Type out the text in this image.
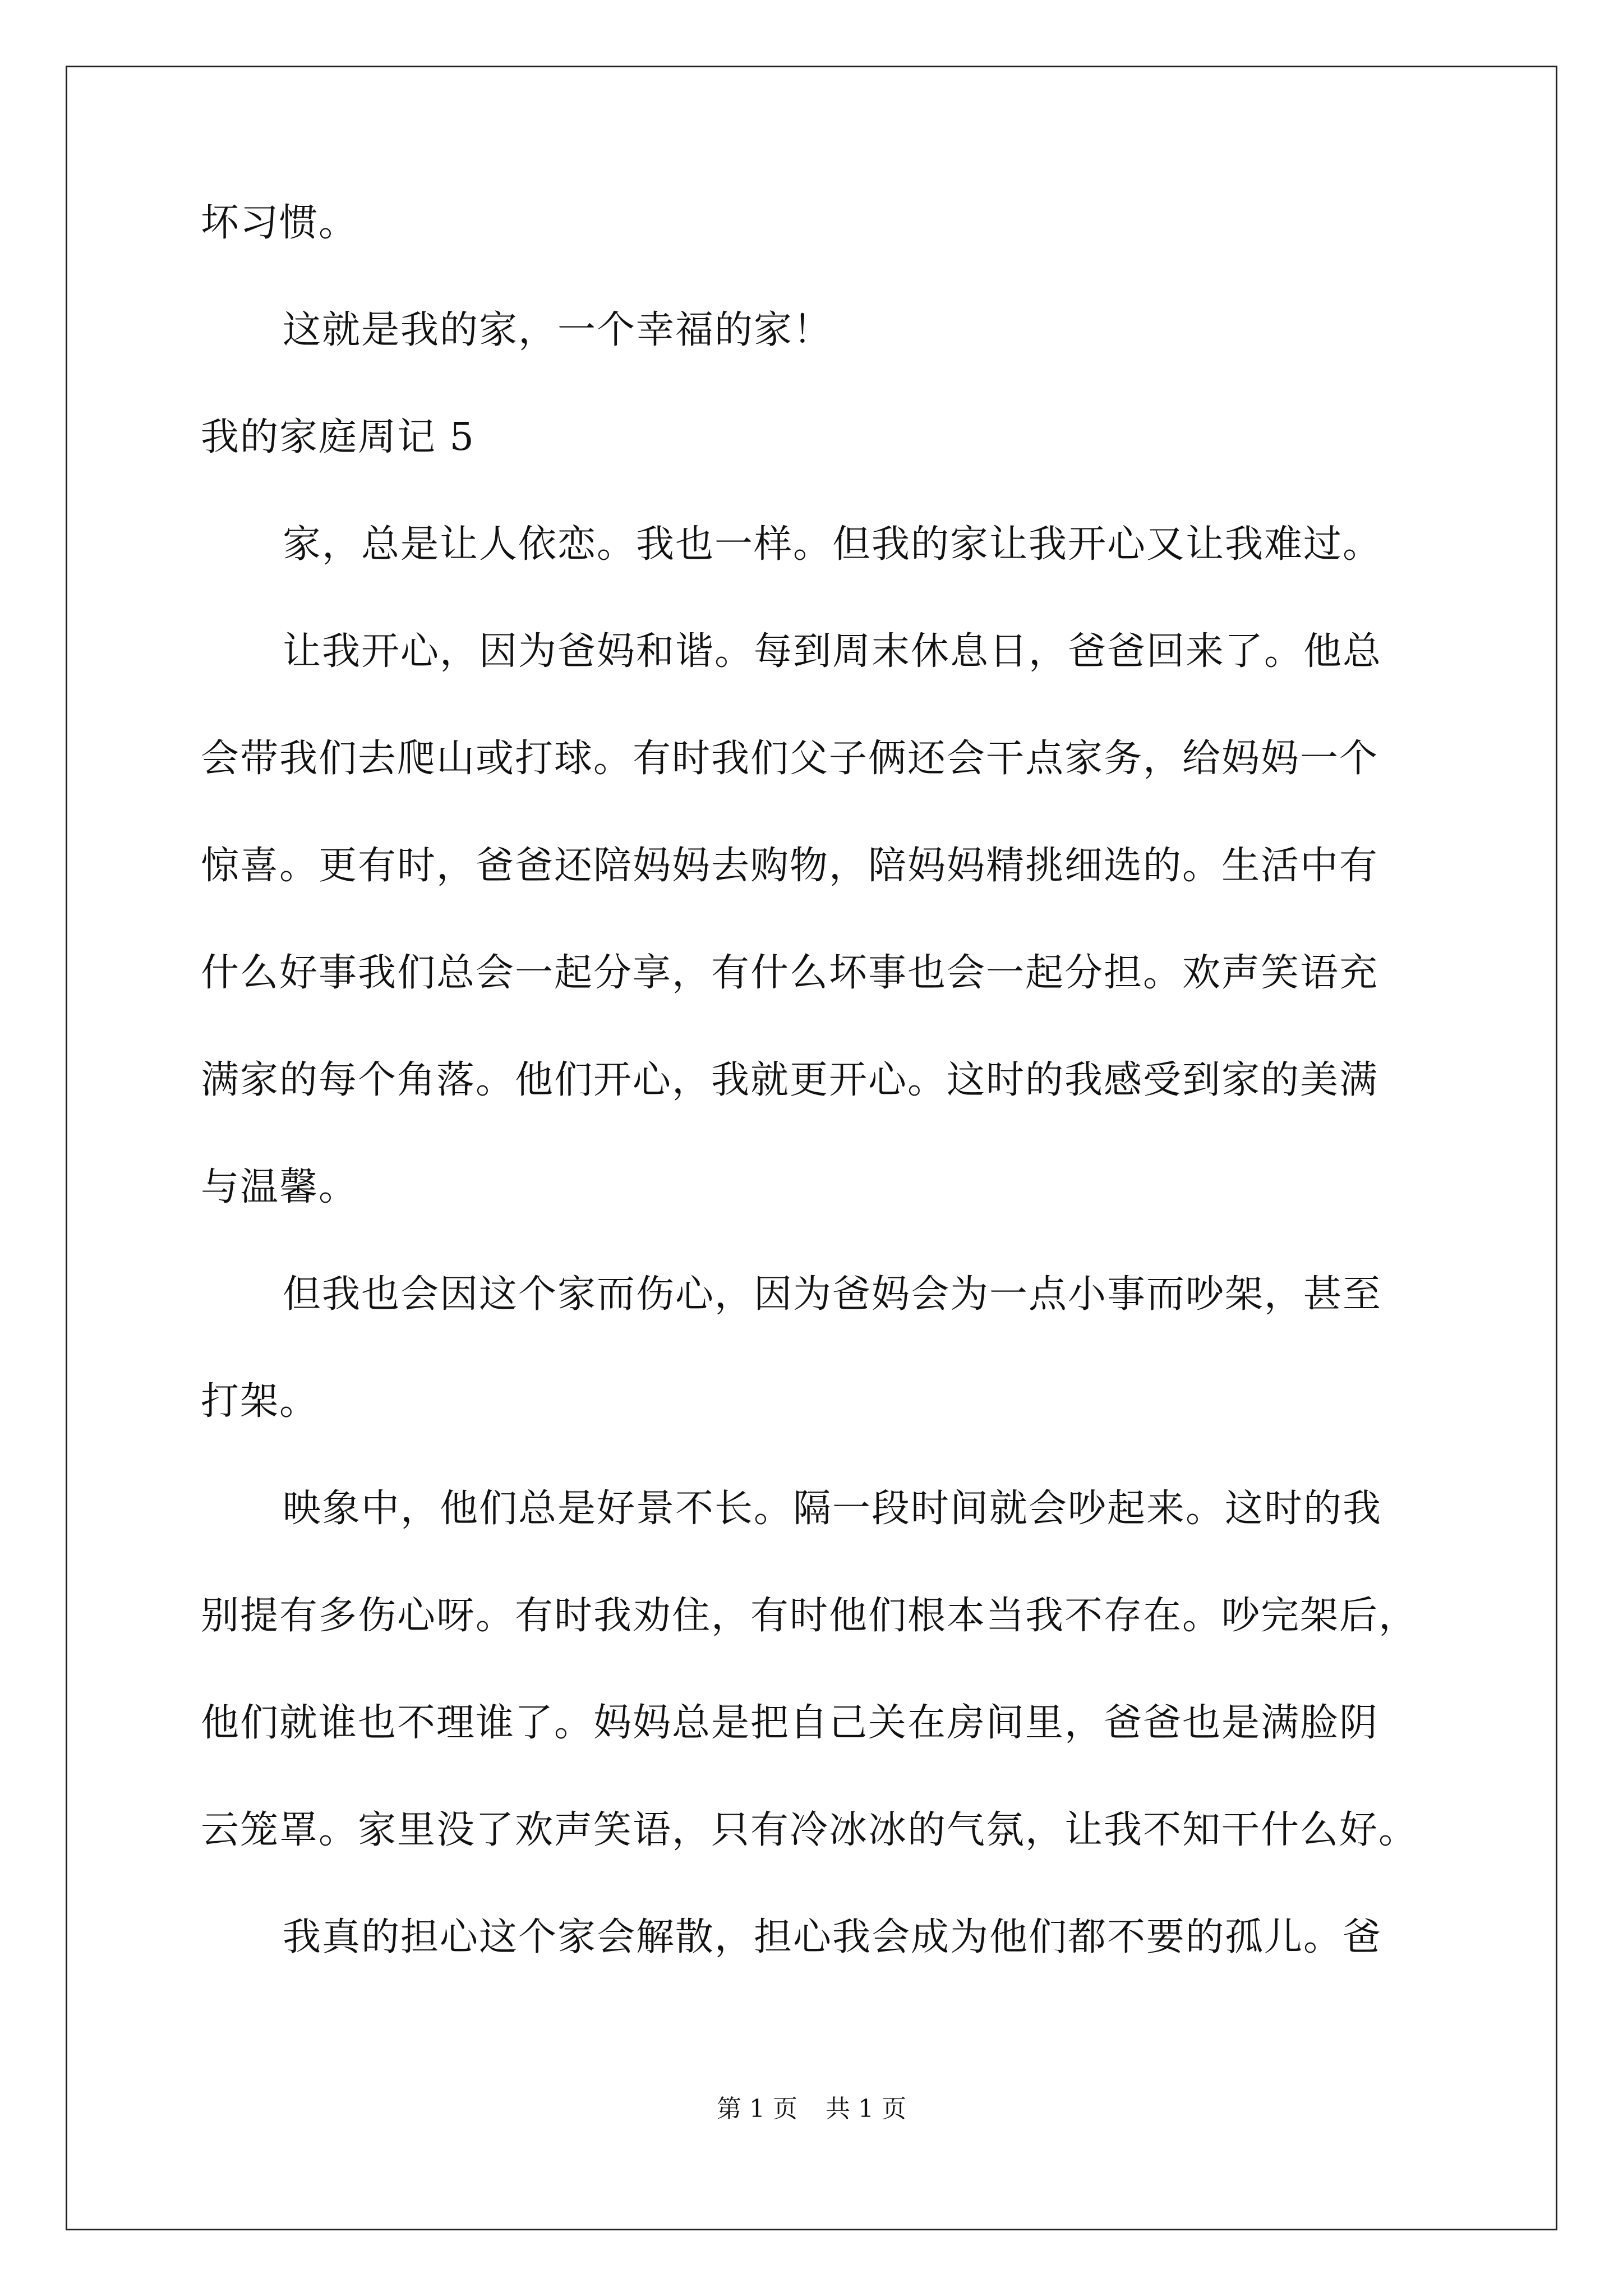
坏习惯。
这就是我的家，一个幸福的家！
我的家庭周记 5
家，总是让人依恋。我也一样。但我的家让我开心又让我难过。
让我开心，因为爸妈和谐。每到周末休息日，爸爸回来了。他总
会带我们去爬山或打球。有时我们父子俩还会干点家务，给妈妈一个
惊喜。更有时，爸爸还陪妈妈去购物，陪妈妈精挑细选的。生活中有
什么好事我们总会一起分享，有什么坏事也会一起分担。欢声笑语充
满家的每个角落。他们开心，我就更开心。这时的我感受到家的美满
与温馨。
但我也会因这个家而伤心，因为爸妈会为一点小事而吵架，甚至
打架。
映象中，他们总是好景不长。隔一段时间就会吵起来。这时的我
别提有多伤心呀。有时我劝住，有时他们根本当我不存在。吵完架后，
他们就谁也不理谁了。妈妈总是把自己关在房间里，爸爸也是满脸阴
云笼罩。家里没了欢声笑语，只有冷冰冰的气氛，让我不知干什么好。
我真的担心这个家会解散，担心我会成为他们都不要的孤儿。爸
第 1 页 共 1 页
